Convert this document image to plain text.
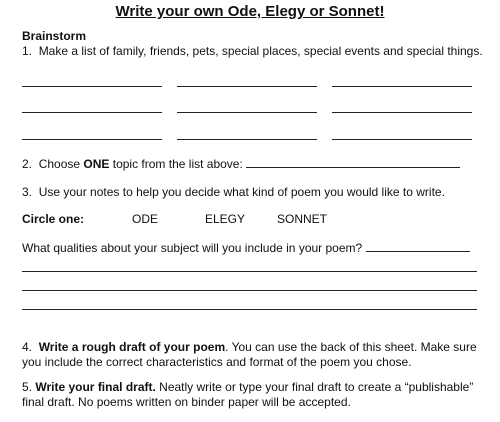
Write your own Ode, Elegy or Sonnet!
Brainstorm
1. Make a list of family, friends, pets, special places, special events and special things.
2. Choose ONE topic from the list above:
3. Use your notes to help you decide what kind of poem you would like to write.
Circle one:	ODE	ELEGY	SONNET
What qualities about your subject will you include in your poem?
4. Write a rough draft of your poem. You can use the back of this sheet. Make sure
you include the correct characteristics and format of the poem you chose.
5. Write your final draft. Neatly write or type your final draft to create a “publishable”
final draft. No poems written on binder paper will be accepted.
